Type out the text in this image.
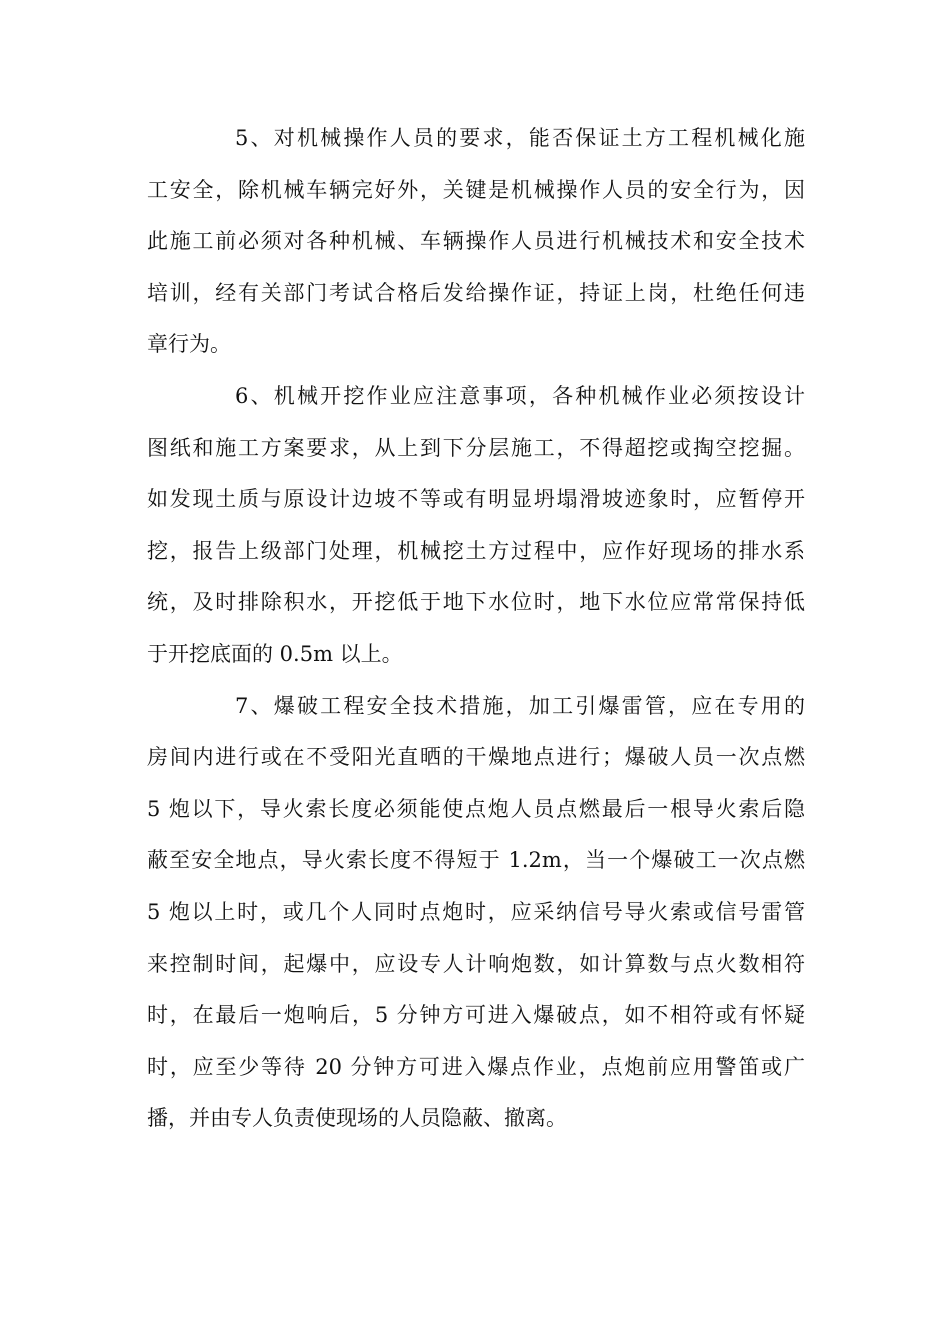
5、对机械操作人员的要求，能否保证土方工程机械化施
工安全，除机械车辆完好外，关键是机械操作人员的安全行为，因
此施工前必须对各种机械、车辆操作人员进行机械技术和安全技术
培训，经有关部门考试合格后发给操作证，持证上岗，杜绝任何违
章行为。
6、机械开挖作业应注意事项，各种机械作业必须按设计
图纸和施工方案要求，从上到下分层施工，不得超挖或掏空挖掘。
如发现土质与原设计边坡不等或有明显坍塌滑坡迹象时，应暂停开
挖，报告上级部门处理，机械挖土方过程中，应作好现场的排水系
统，及时排除积水，开挖低于地下水位时，地下水位应常常保持低
于开挖底面的 0.5m 以上。
7、爆破工程安全技术措施，加工引爆雷管，应在专用的
房间内进行或在不受阳光直晒的干燥地点进行；爆破人员一次点燃
5 炮以下，导火索长度必须能使点炮人员点燃最后一根导火索后隐
蔽至安全地点，导火索长度不得短于 1.2m，当一个爆破工一次点燃
5 炮以上时，或几个人同时点炮时，应采纳信号导火索或信号雷管
来控制时间，起爆中，应设专人计响炮数，如计算数与点火数相符
时，在最后一炮响后，5 分钟方可进入爆破点，如不相符或有怀疑
时，应至少等待 20 分钟方可进入爆点作业，点炮前应用警笛或广
播，并由专人负责使现场的人员隐蔽、撤离。
